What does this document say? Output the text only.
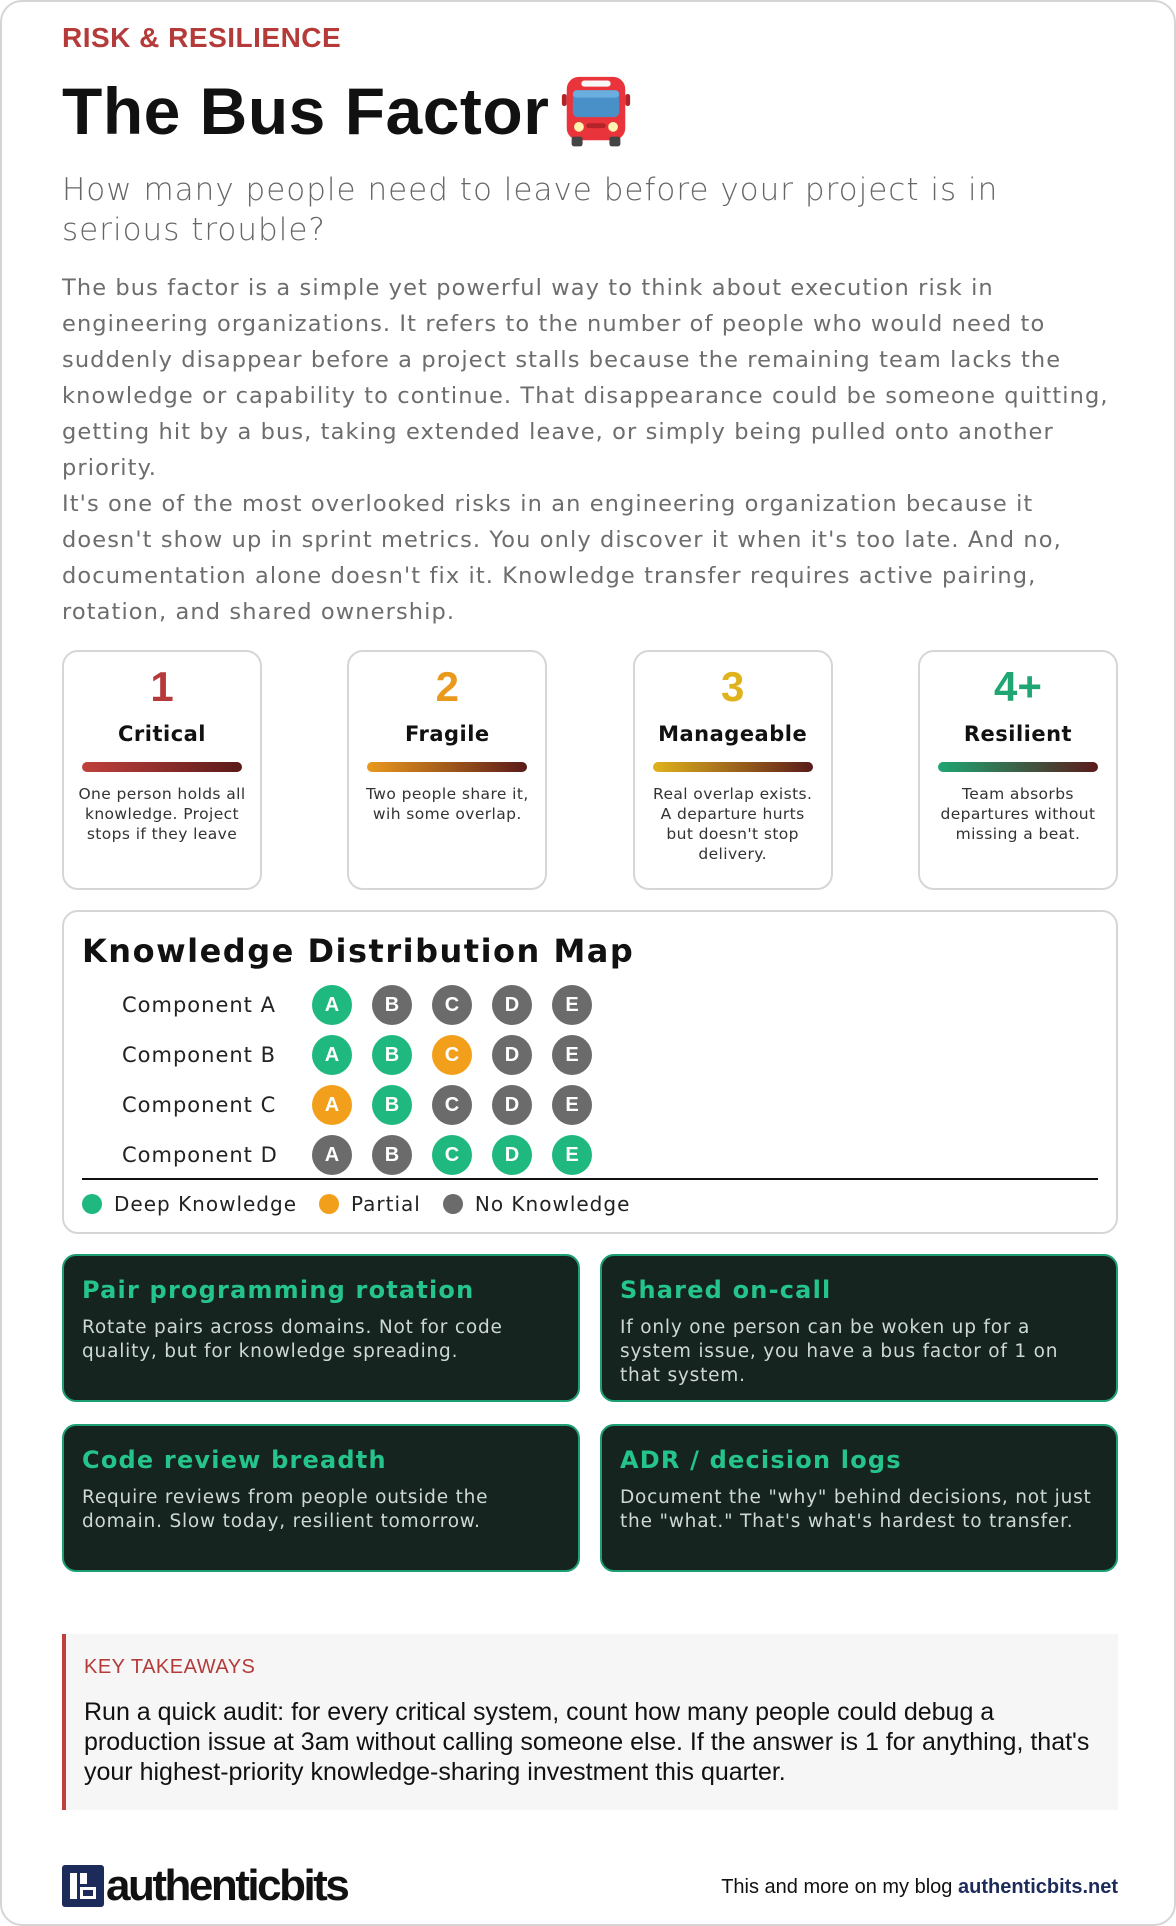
RISK & RESILIENCE
The Bus Factor

How many people need to leave before your project is in serious trouble?

The bus factor is a simple yet powerful way to think about execution risk in engineering organizations. It refers to the number of people who would need to suddenly disappear before a project stalls because the remaining team lacks the knowledge or capability to continue. That disappearance could be someone quitting, getting hit by a bus, taking extended leave, or simply being pulled onto another priority.

It's one of the most overlooked risks in an engineering organization because it doesn't show up in sprint metrics. You only discover it when it's too late. And no, documentation alone doesn't fix it. Knowledge transfer requires active pairing, rotation, and shared ownership.

1
Critical
One person holds all knowledge. Project stops if they leave
2
Fragile
Two people share it, wih some overlap.
3
Manageable
Real overlap exists. A departure hurts but doesn't stop delivery.
4+
Resilient
Team absorbs departures without missing a beat.
Knowledge Distribution Map
Component A	A	B	C	D	E
Component B	A	B	C	D	E
Component C	A	B	C	D	E
Component D	A	B	C	D	E
Deep Knowledge	Partial	No Knowledge
Pair programming rotation
Rotate pairs across domains. Not for code quality, but for knowledge spreading.
Shared on-call
If only one person can be woken up for a system issue, you have a bus factor of 1 on that system.
Code review breadth
Require reviews from people outside the domain. Slow today, resilient tomorrow.
ADR / decision logs
Document the "why" behind decisions, not just the "what." That's what's hardest to transfer.
KEY TAKEAWAYS
Run a quick audit: for every critical system, count how many people could debug a production issue at 3am without calling someone else. If the answer is 1 for anything, that's your highest-priority knowledge-sharing investment this quarter.
authenticbits	This and more on my blog authenticbits.net
